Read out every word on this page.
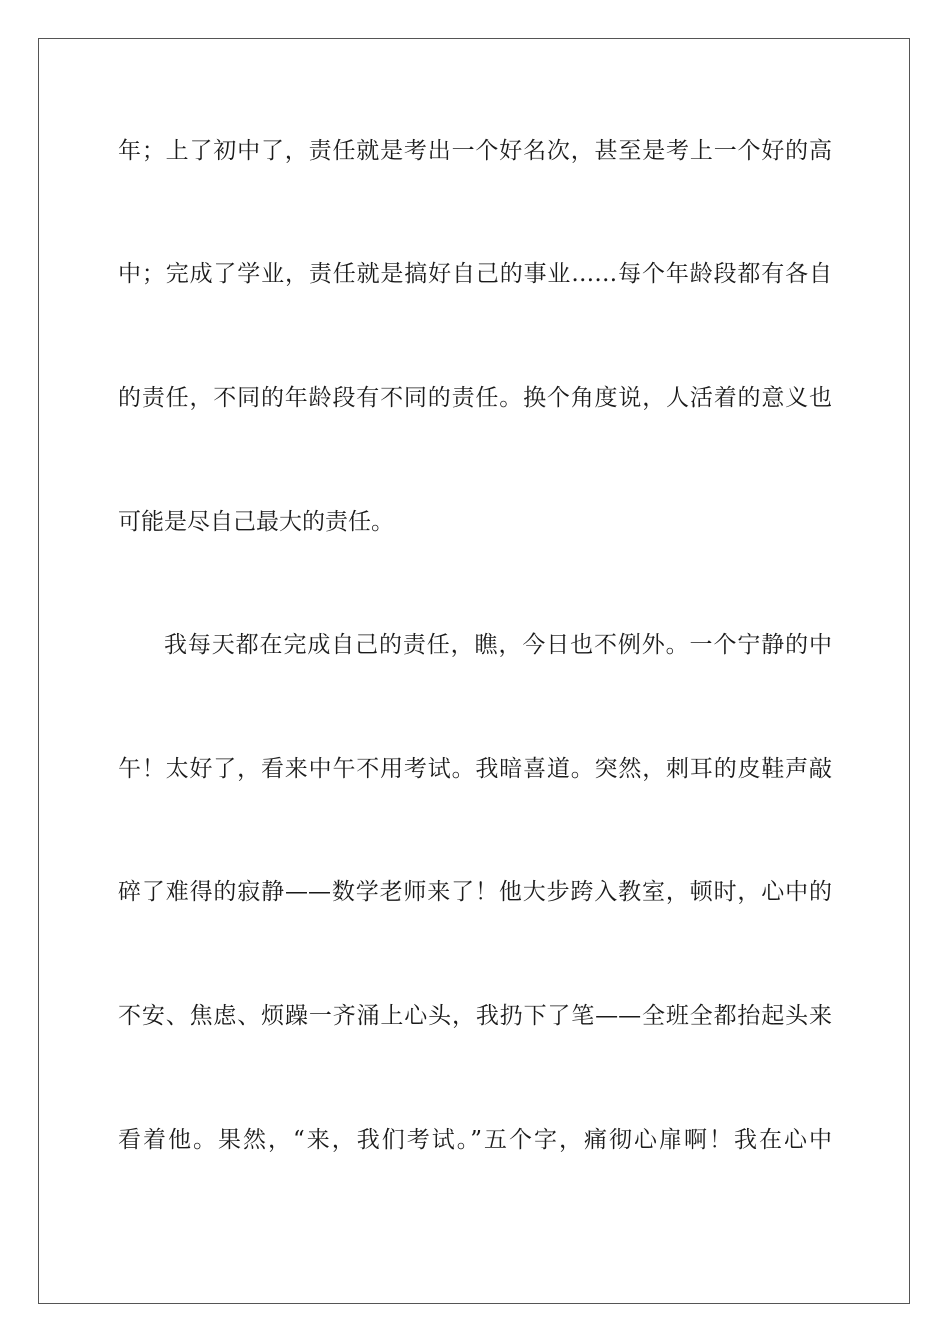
年；上了初中了，责任就是考出一个好名次，甚至是考上一个好的高
中；完成了学业，责任就是搞好自己的事业……每个年龄段都有各自
的责任，不同的年龄段有不同的责任。换个角度说，人活着的意义也
可能是尽自己最大的责任。
我每天都在完成自己的责任，瞧，今日也不例外。一个宁静的中
午！太好了，看来中午不用考试。我暗喜道。突然，刺耳的皮鞋声敲
碎了难得的寂静——数学老师来了！他大步跨入教室，顿时，心中的
不安、焦虑、烦躁一齐涌上心头，我扔下了笔——全班全都抬起头来
看着他。果然，“来，我们考试。”五个字，痛彻心扉啊！我在心中
